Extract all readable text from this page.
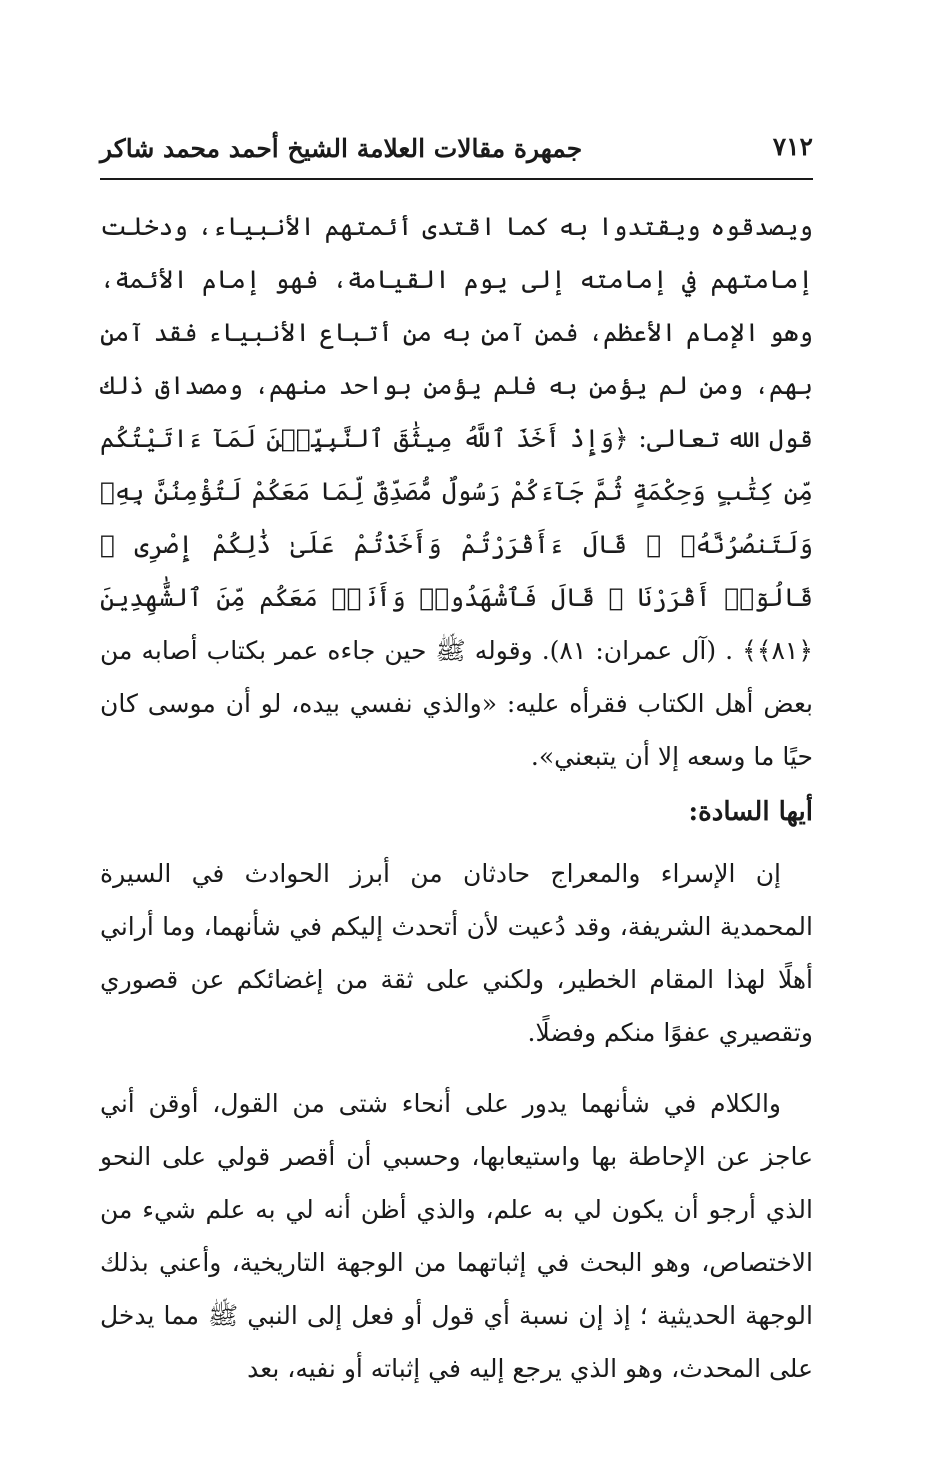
٧١٢
جمهرة مقالات العلامة الشيخ أحمد محمد شاكر

ويصدقوه ويقتدوا به كما اقتدى أئمتهم الأنبياء، ودخلت إمامتهم في إمامته إلى يوم القيامة، فهو إمام الأئمة، وهو الإمام الأعظم، فمن آمن به من أتباع الأنبياء فقد آمن بهم، ومن لم يؤمن به فلم يؤمن بواحد منهم، ومصداق ذلك قول الله تعالى: ﴿وَإِذْ أَخَذَ ٱللَّهُ مِيثَٰقَ ٱلنَّبِيِّـۧنَ لَمَآ ءَاتَيْتُكُم مِّن كِتَٰبٍ وَحِكْمَةٍ ثُمَّ جَآءَكُمْ رَسُولٌ مُّصَدِّقٌ لِّمَا مَعَكُمْ لَتُؤْمِنُنَّ بِهِۦ وَلَتَنصُرُنَّهُۥ ۚ قَالَ ءَأَقْرَرْتُمْ وَأَخَذْتُمْ عَلَىٰ ذَٰلِكُمْ إِصْرِى ۖ قَالُوٓا۟ أَقْرَرْنَا ۚ قَالَ فَٱشْهَدُوا۟ وَأَنَا۠ مَعَكُم مِّنَ ٱلشَّٰهِدِينَ ﴿٨١﴾﴾ . (آل عمران: ٨١). وقوله ﷺ حين جاءه عمر بكتاب أصابه من بعض أهل الكتاب فقرأه عليه: «والذي نفسي بيده، لو أن موسى كان حيًا ما وسعه إلا أن يتبعني».

أيها السادة:

إن الإسراء والمعراج حادثان من أبرز الحوادث في السيرة المحمدية الشريفة، وقد دُعيت لأن أتحدث إليكم في شأنهما، وما أراني أهلًا لهذا المقام الخطير، ولكني على ثقة من إغضائكم عن قصوري وتقصيري عفوًا منكم وفضلًا.

والكلام في شأنهما يدور على أنحاء شتى من القول، أوقن أني عاجز عن الإحاطة بها واستيعابها، وحسبي أن أقصر قولي على النحو الذي أرجو أن يكون لي به علم، والذي أظن أنه لي به علم شيء من الاختصاص، وهو البحث في إثباتهما من الوجهة التاريخية، وأعني بذلك الوجهة الحديثية ؛ إذ إن نسبة أي قول أو فعل إلى النبي ﷺ مما يدخل على المحدث، وهو الذي يرجع إليه في إثباته أو نفيه، بعد
